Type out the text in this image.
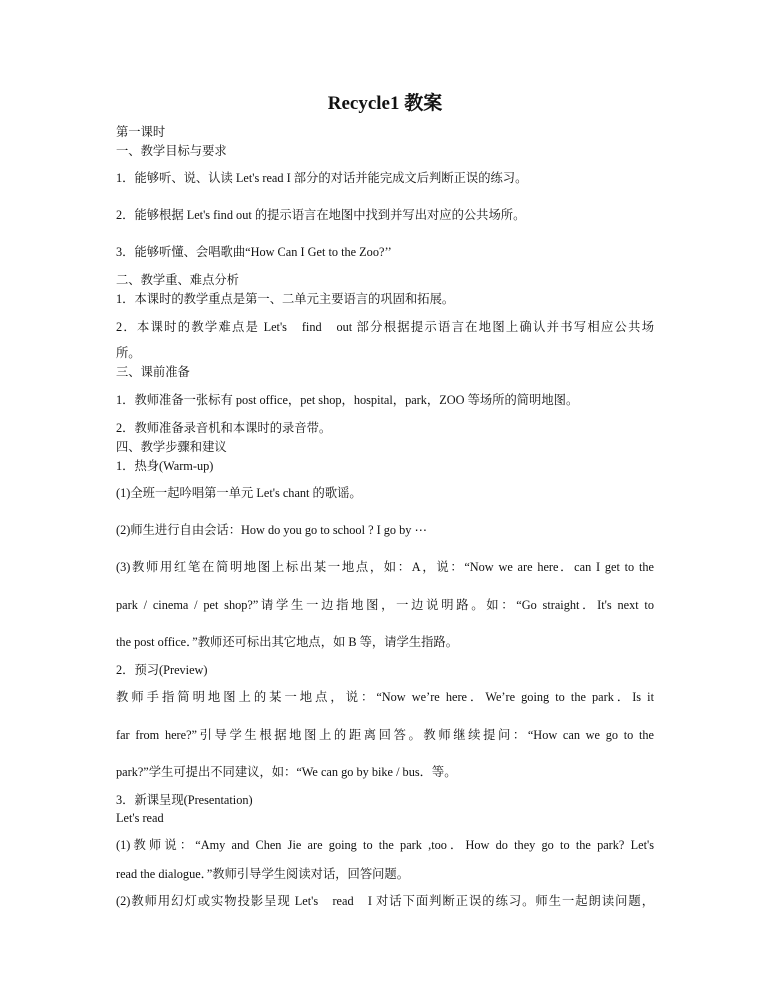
Recycle1 教案

第一课时

一、教学目标与要求

1．能够听、说、认读 Let's read I 部分的对话并能完成文后判断正误的练习。

2．能够根据 Let's find out 的提示语言在地图中找到并写出对应的公共场所。

3．能够听懂、会唱歌曲“How Can I Get to the Zoo?’’

二、教学重、难点分析

1．本课时的教学重点是第一、二单元主要语言的巩固和拓展。

2．本课时的教学难点是 Let's　find　out 部分根据提示语言在地图上确认并书写相应公共场

所。

三、课前准备

1．教师准备一张标有 post office，pet shop，hospital，park，ZOO 等场所的简明地图。

2．教师准备录音机和本课时的录音带。

四、教学步骤和建议

1．热身(Warm-up)

(1)全班一起吟唱第一单元 Let's chant 的歌谣。

(2)师生进行自由会话：How do you go to school ? I go by ⋯

(3)教师用红笔在简明地图上标出某一地点，如：A，说：“Now we are here．can I get to the

park / cinema / pet shop?”请学生一边指地图，一边说明路。如：“Go straight．It's next to

the post office．”教师还可标出其它地点，如 B 等，请学生指路。

2．预习(Preview)

教师手指简明地图上的某一地点，说：“Now we’re here．We’re going to the park．Is it

far from here?”引导学生根据地图上的距离回答。教师继续提问：“How can we go to the

park?”学生可提出不同建议，如：“We can go by bike / bus．等。

3．新课呈现(Presentation)

Let's read

(1)教师说：“Amy and Chen Jie are going to the park ,too．How do they go to the park? Let's

read the dialogue．”教师引导学生阅读对话，回答问题。

(2)教师用幻灯或实物投影呈现 Let's　read　I 对话下面判断正误的练习。师生一起朗读问题，
